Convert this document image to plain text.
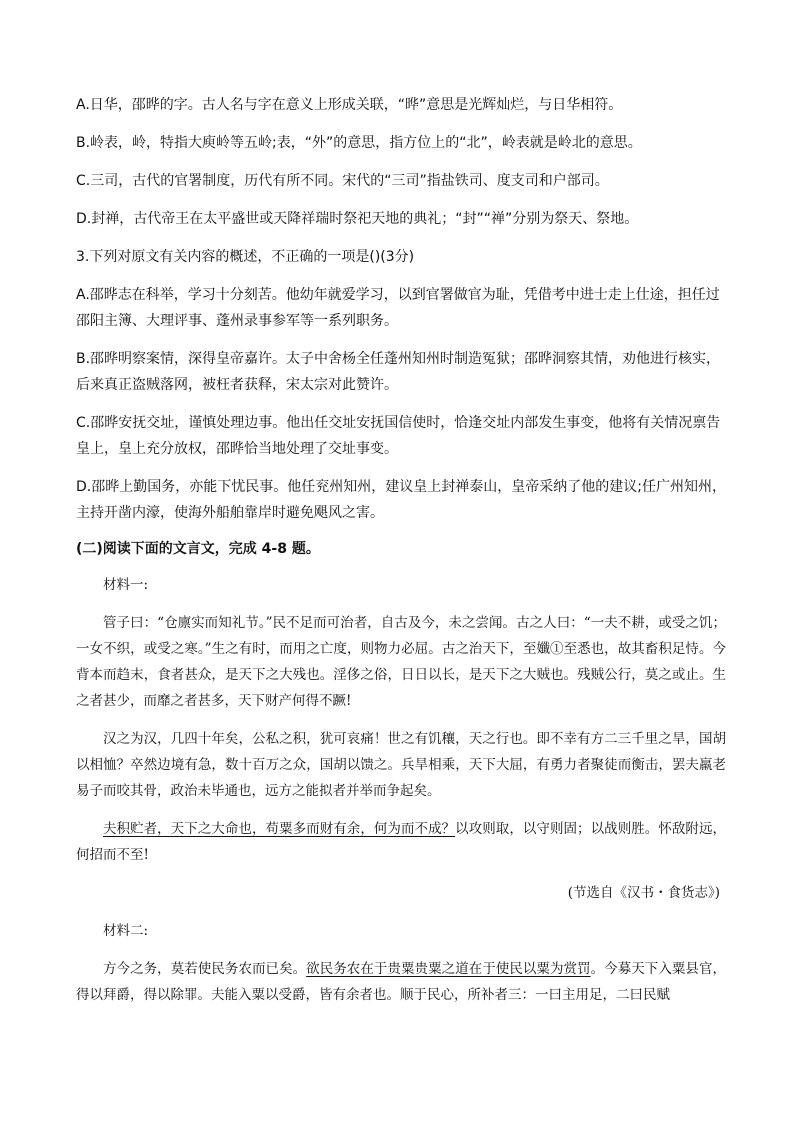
A.日华，邵晔的字。古人名与字在意义上形成关联，“晔”意思是光辉灿烂，与日华相符。

B.岭表，岭，特指大庾岭等五岭;表，“外”的意思，指方位上的“北”，岭表就是岭北的意思。

C.三司，古代的官署制度，历代有所不同。宋代的“三司”指盐铁司、度支司和户部司。

D.封禅，古代帝王在太平盛世或天降祥瑞时祭祀天地的典礼；“封”“禅”分别为祭天、祭地。

3.下列对原文有关内容的概述，不正确的一项是()(3分)

A.邵晔志在科举，学习十分刻苦。他幼年就爱学习，以到官署做官为耻，凭借考中进士走上仕途，担任过邵阳主簿、大理评事、蓬州录事参军等一系列职务。

B.邵晔明察案情，深得皇帝嘉许。太子中舍杨全任蓬州知州时制造冤狱；邵晔洞察其情，劝他进行核实，后来真正盗贼落网，被枉者获释，宋太宗对此赞许。

C.邵晔安抚交址，谨慎处理边事。他出任交址安抚国信使时，恰逢交址内部发生事变，他将有关情况禀告皇上，皇上充分放权，邵晔恰当地处理了交址事变。

D.邵晔上勤国务，亦能下忧民事。他任兖州知州，建议皇上封禅泰山，皇帝采纳了他的建议;任广州知州，主持开凿内濠，使海外船舶靠岸时避免飓风之害。

(二)阅读下面的文言文，完成 4-8 题。

材料一:

管子曰：“仓廪实而知礼节。”民不足而可治者，自古及今，未之尝闻。古之人曰：“一夫不耕，或受之饥；一女不织，或受之寒。”生之有时，而用之亡度，则物力必屈。古之治天下，至孅①至悉也，故其畜积足恃。今背本而趋末，食者甚众，是天下之大残也。淫侈之俗，日日以长，是天下之大贼也。残贼公行，莫之或止。生之者甚少，而靡之者甚多，天下财产何得不蹶!

汉之为汉，几四十年矣，公私之积，犹可哀痛！世之有饥穰，天之行也。即不幸有方二三千里之旱，国胡以相恤？卒然边境有急，数十百万之众，国胡以馈之。兵旱相乘，天下大屈，有勇力者聚徒而衡击，罢夫羸老易子而咬其骨，政治未毕通也，远方之能拟者并举而争起矣。

夫积贮者，天下之大命也，苟粟多而财有余，何为而不成？以攻则取，以守则固；以战则胜。怀敌附远，何招而不至!

(节选自《汉书・食货志》)

材料二:

方今之务，莫若使民务农而已矣。欲民务农在于贵粟贵粟之道在于使民以粟为赏罚。今募天下入粟县官，得以拜爵，得以除罪。夫能入粟以受爵，皆有余者也。顺于民心，所补者三：一曰主用足，二曰民赋
